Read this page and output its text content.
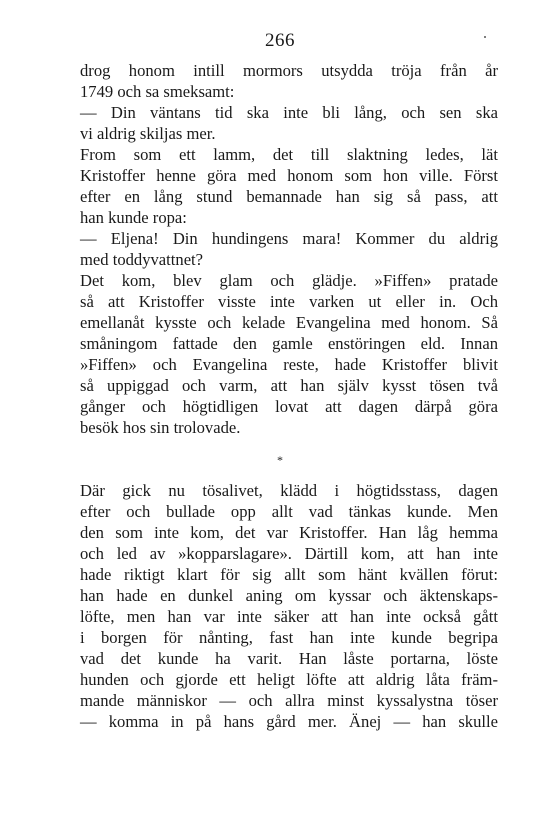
266
drog honom intill mormors utsydda tröja från år
1749 och sa smeksamt:
— Din väntans tid ska inte bli lång, och sen ska
vi aldrig skiljas mer.
From som ett lamm, det till slaktning ledes, lät
Kristoffer henne göra med honom som hon ville. Först
efter en lång stund bemannade han sig så pass, att
han kunde ropa:
— Eljena! Din hundingens mara! Kommer du aldrig
med toddyvattnet?
Det kom, blev glam och glädje. »Fiffen» pratade
så att Kristoffer visste inte varken ut eller in. Och
emellanåt kysste och kelade Evangelina med honom. Så
småningom fattade den gamle enstöringen eld. Innan
»Fiffen» och Evangelina reste, hade Kristoffer blivit
så uppiggad och varm, att han själv kysst tösen två
gånger och högtidligen lovat att dagen därpå göra
besök hos sin trolovade.
*
Där gick nu tösalivet, klädd i högtidsstass, dagen
efter och bullade opp allt vad tänkas kunde. Men
den som inte kom, det var Kristoffer. Han låg hemma
och led av »kopparslagare». Därtill kom, att han inte
hade riktigt klart för sig allt som hänt kvällen förut:
han hade en dunkel aning om kyssar och äktenskaps-
löfte, men han var inte säker att han inte också gått
i borgen för nånting, fast han inte kunde begripa
vad det kunde ha varit. Han låste portarna, löste
hunden och gjorde ett heligt löfte att aldrig låta främ-
mande människor — och allra minst kyssalystna töser
— komma in på hans gård mer. Änej — han skulle
